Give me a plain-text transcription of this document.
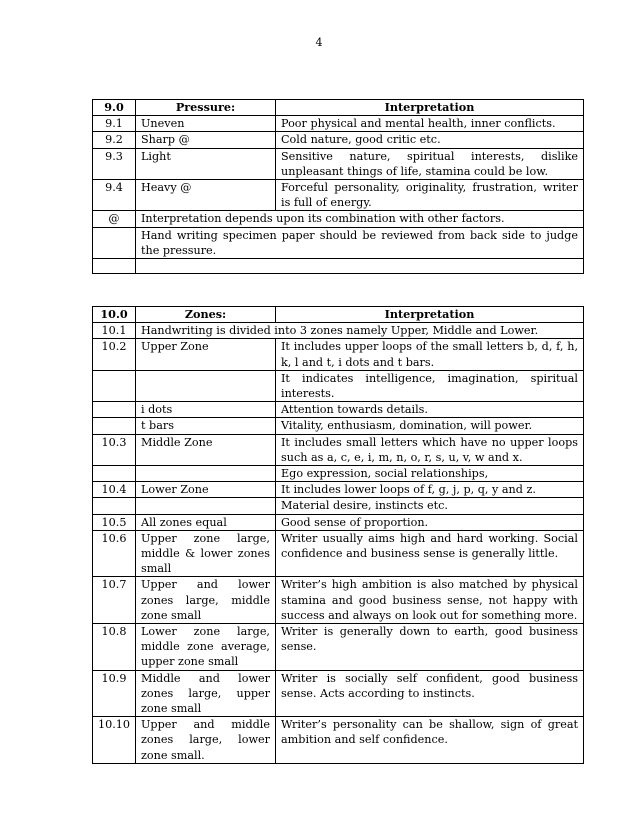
4
9.0	Pressure:	Interpretation
9.1	Uneven	Poor physical and mental health, inner conflicts.
9.2	Sharp @	Cold nature, good critic etc.
9.3	Light	Sensitive nature, spiritual interests, dislike unpleasant things of life, stamina could be low.
9.4	Heavy @	Forceful personality, originality, frustration, writer is full of energy.
@	Interpretation depends upon its combination with other factors.	
	Hand writing specimen paper should be reviewed from back side to judge the pressure.	

10.0	Zones:	Interpretation
10.1	Handwriting is divided into 3 zones namely Upper, Middle and Lower.	
10.2	Upper Zone	It includes upper loops of the small letters b, d, f, h, k, l and t, i dots and t bars.
		It indicates intelligence, imagination, spiritual interests.
	i dots	Attention towards details.
	t bars	Vitality, enthusiasm, domination, will power.
10.3	Middle Zone	It includes small letters which have no upper loops such as a, c, e, i, m, n, o, r, s, u, v, w and x.
		Ego expression, social relationships,
10.4	Lower Zone	It includes lower loops of f, g, j, p, q, y and z.
		Material desire, instincts etc.
10.5	All zones equal	Good sense of proportion.
10.6	Upper zone large, middle & lower zones small	Writer usually aims high and hard working. Social confidence and business sense is generally little.
10.7	Upper and lower zones large, middle zone small	Writer’s high ambition is also matched by physical stamina and good business sense, not happy with success and always on look out for something more.
10.8	Lower zone large, middle zone average, upper zone small	Writer is generally down to earth, good business sense.
10.9	Middle and lower zones large, upper zone small	Writer is socially self confident, good business sense. Acts according to instincts.
10.10	Upper and middle zones large, lower zone small.	Writer’s personality can be shallow, sign of great ambition and self confidence.
